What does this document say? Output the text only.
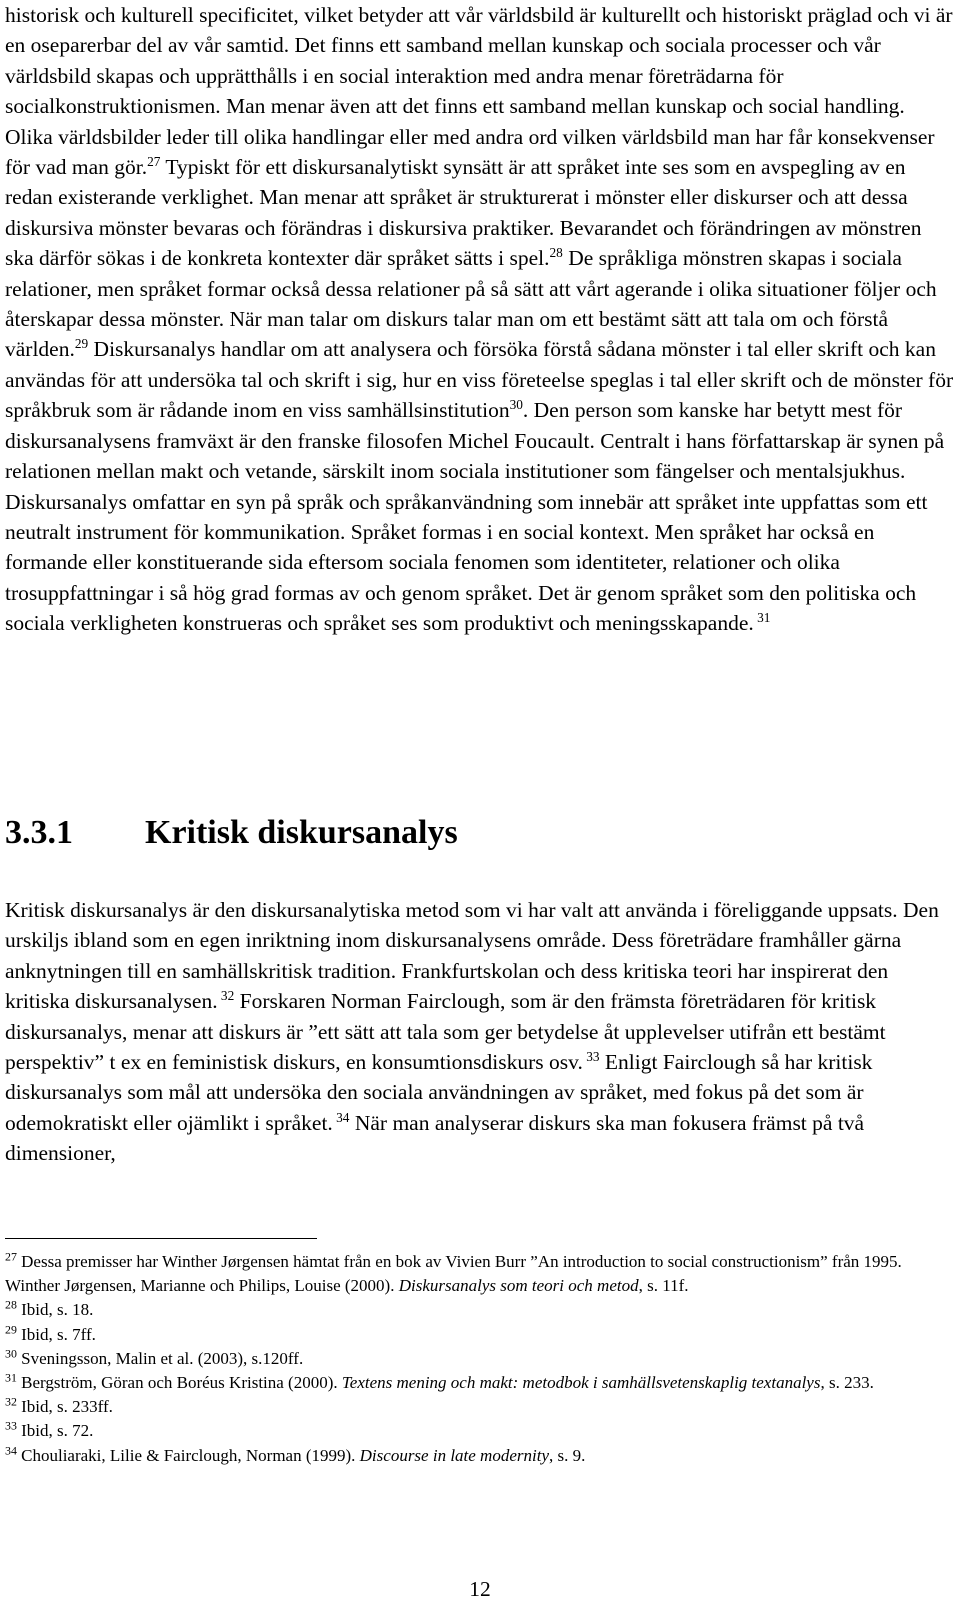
historisk och kulturell specificitet, vilket betyder att vår världsbild är kulturellt och historiskt präglad och vi är en oseparerbar del av vår samtid. Det finns ett samband mellan kunskap och sociala processer och vår världsbild skapas och upprätthålls i en social interaktion med andra menar företrädarna för socialkonstruktionismen. Man menar även att det finns ett samband mellan kunskap och social handling. Olika världsbilder leder till olika handlingar eller med andra ord vilken världsbild man har får konsekvenser för vad man gör.$^{27}$ Typiskt för ett diskursanalytiskt synsätt är att språket inte ses som en avspegling av en redan existerande verklighet. Man menar att språket är strukturerat i mönster eller diskurser och att dessa diskursiva mönster bevaras och förändras i diskursiva praktiker. Bevarandet och förändringen av mönstren ska därför sökas i de konkreta kontexter där språket sätts i spel.$^{28}$ De språkliga mönstren skapas i sociala relationer, men språket formar också dessa relationer på så sätt att vårt agerande i olika situationer följer och återskapar dessa mönster. När man talar om diskurs talar man om ett bestämt sätt att tala om och förstå världen.$^{29}$ Diskursanalys handlar om att analysera och försöka förstå sådana mönster i tal eller skrift och kan användas för att undersöka tal och skrift i sig, hur en viss företeelse speglas i tal eller skrift och de mönster för språkbruk som är rådande inom en viss samhällsinstitution$^{30}$. Den person som kanske har betytt mest för diskursanalysens framväxt är den franske filosofen Michel Foucault. Centralt i hans författarskap är synen på relationen mellan makt och vetande, särskilt inom sociala institutioner som fängelser och mentalsjukhus. Diskursanalys omfattar en syn på språk och språkanvändning som innebär att språket inte uppfattas som ett neutralt instrument för kommunikation. Språket formas i en social kontext. Men språket har också en formande eller konstituerande sida eftersom sociala fenomen som identiteter, relationer och olika trosuppfattningar i så hög grad formas av och genom språket. Det är genom språket som den politiska och sociala verkligheten konstrueras och språket ses som produktivt och meningsskapande. $^{31}$

3.3.1 Kritisk diskursanalys

Kritisk diskursanalys är den diskursanalytiska metod som vi har valt att använda i föreliggande uppsats. Den urskiljs ibland som en egen inriktning inom diskursanalysens område. Dess företrädare framhåller gärna anknytningen till en samhällskritisk tradition. Frankfurtskolan och dess kritiska teori har inspirerat den kritiska diskursanalysen. $^{32}$ Forskaren Norman Fairclough, som är den främsta företrädaren för kritisk diskursanalys, menar att diskurs är ”ett sätt att tala som ger betydelse åt upplevelser utifrån ett bestämt perspektiv” t ex en feministisk diskurs, en konsumtionsdiskurs osv. $^{33}$ Enligt Fairclough så har kritisk diskursanalys som mål att undersöka den sociala användningen av språket, med fokus på det som är odemokratiskt eller ojämlikt i språket. $^{34}$ När man analyserar diskurs ska man fokusera främst på två dimensioner,

$^{27}$ Dessa premisser har Winther Jørgensen hämtat från en bok av Vivien Burr ”An introduction to social constructionism” från 1995. Winther Jørgensen, Marianne och Philips, Louise (2000). Diskursanalys som teori och metod, s. 11f.

$^{28}$ Ibid, s. 18.

$^{29}$ Ibid, s. 7ff.

$^{30}$ Sveningsson, Malin et al. (2003), s.120ff.

$^{31}$ Bergström, Göran och Boréus Kristina (2000). Textens mening och makt: metodbok i samhällsvetenskaplig textanalys, s. 233.

$^{32}$ Ibid, s. 233ff.

$^{33}$ Ibid, s. 72.

$^{34}$ Chouliaraki, Lilie & Fairclough, Norman (1999). Discourse in late modernity, s. 9.

12
